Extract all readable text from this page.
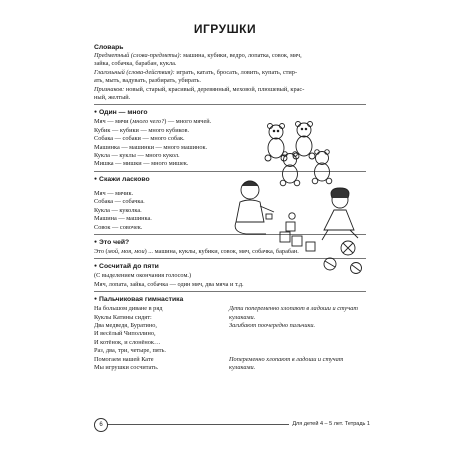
ИГРУШКИ
Словарь
Предметный (слова-предметы): машина, кубики, ведро, лопатка, совок, мяч,
зайка, собачка, барабан, кукла.
Глагольный (слова-действия): играть, катать, бросать, ловить, купать, стир-
ать, мыть, вадувать, разбирать, убирать.
Признаков: новый, старый, красивый, деревянный, меховой, плюшевый, крас-
ный, желтый.
● Один — много
Мяч — мячи (много чего?) — много мячей.
Кубик — кубики — много кубиков.
Собака — собаки — много собак.
Машинка — машинки — много машинок.
Кукла — куклы — много кукол.
Мишка — мишки — много мишек.
● Скажи ласково
Мяч — мячик.
Собака — собачка.
Кукла — куколка.
Машина — машинка.
Совок — совочек.
● Это чей?
Это (мой, моя, мои) ... машина, куклы, кубики, совок, мяч, собачка, барабан.
● Сосчитай до пяти
(С выделением окончания голосом.)
Мяч, лопата, зайка, собачка — один мяч, два мяча и т.д.
● Пальчиковая гимнастика
На большом диване в ряд	Дети попеременно хлопают в ладоши и стучат
Куклы Катины сидят:	кулаками.
Два медведя, Буратино,	Загибают поочередно пальчики.
И весёлый Чиполлино,
И котёнок, и слонёнок…
Раз, два, три, четыре, пять.
Помогаем нашей Кате	Попеременно хлопают в ладоши и стучат
Мы игрушки сосчитать.	кулаками.
6	Для детей 4 – 5 лет. Тетрадь 1
